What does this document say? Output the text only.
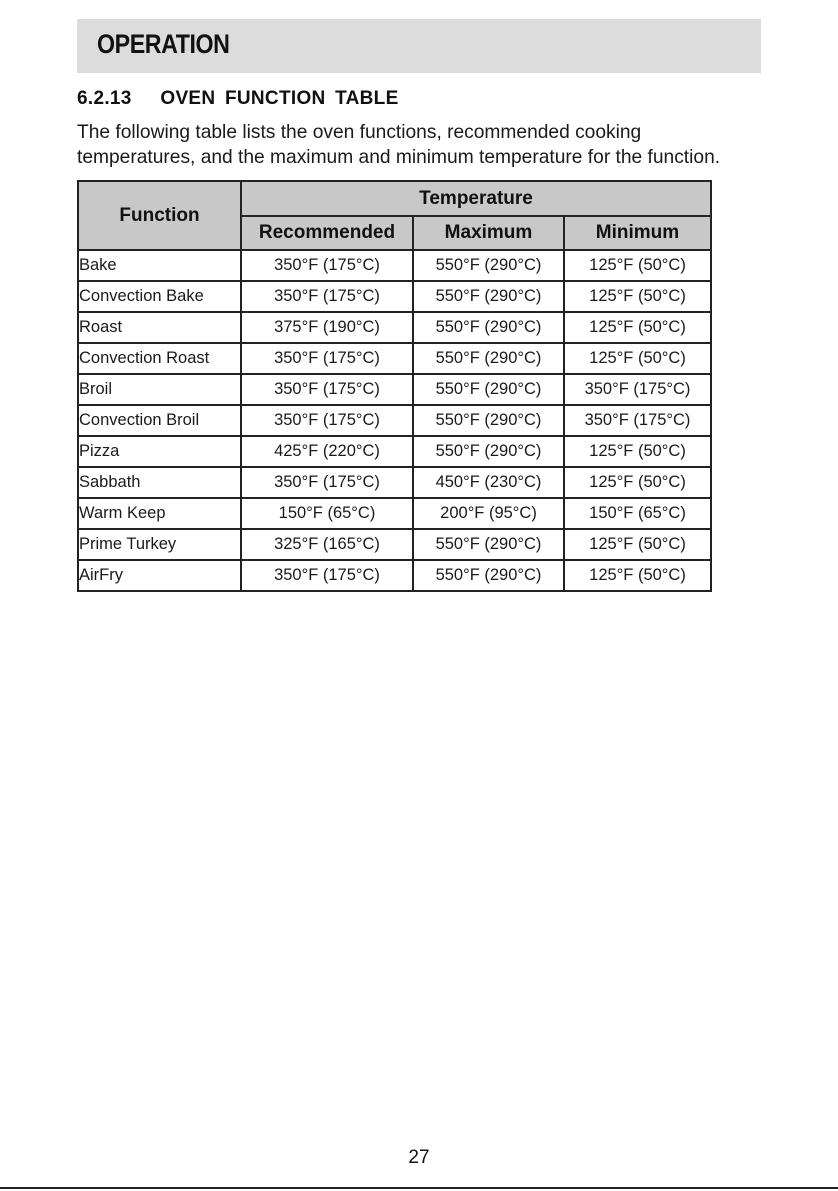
OPERATION
6.2.13   OVEN FUNCTION TABLE

The following table lists the oven functions, recommended cooking

temperatures, and the maximum and minimum temperature for the function.

Function	Temperature		
	Recommended	Maximum	Minimum
Bake	350°F (175°C)	550°F (290°C)	125°F (50°C)
Convection Bake	350°F (175°C)	550°F (290°C)	125°F (50°C)
Roast	375°F (190°C)	550°F (290°C)	125°F (50°C)
Convection Roast	350°F (175°C)	550°F (290°C)	125°F (50°C)
Broil	350°F (175°C)	550°F (290°C)	350°F (175°C)
Convection Broil	350°F (175°C)	550°F (290°C)	350°F (175°C)
Pizza	425°F (220°C)	550°F (290°C)	125°F (50°C)
Sabbath	350°F (175°C)	450°F (230°C)	125°F (50°C)
Warm Keep	150°F (65°C)	200°F (95°C)	150°F (65°C)
Prime Turkey	325°F (165°C)	550°F (290°C)	125°F (50°C)
AirFry	350°F (175°C)	550°F (290°C)	125°F (50°C)
27
